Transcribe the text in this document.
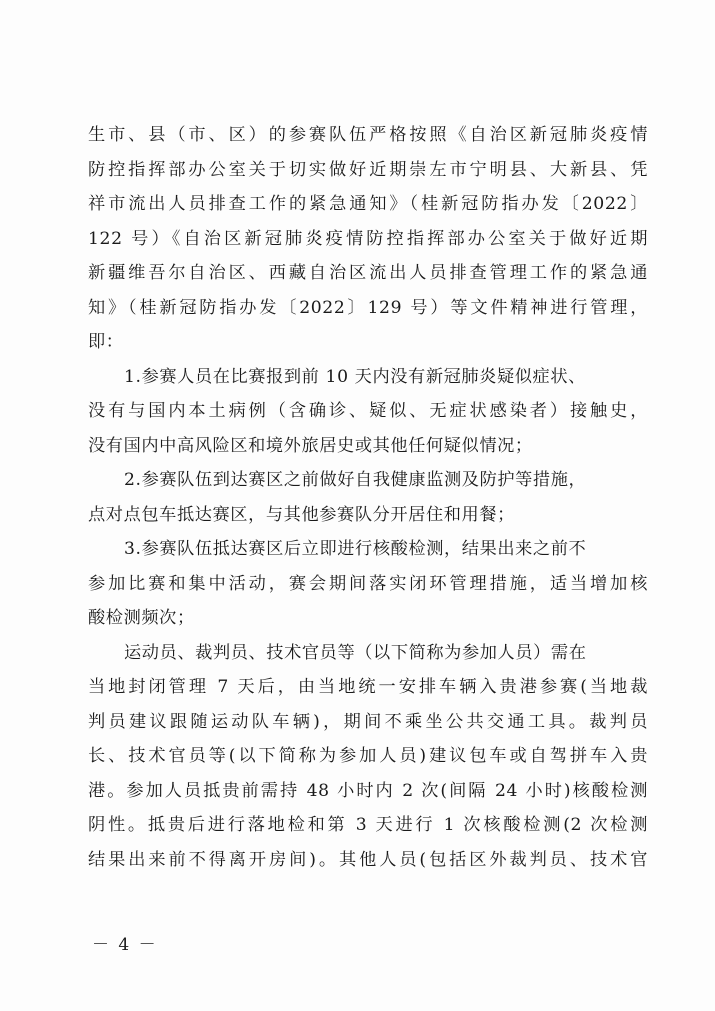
生市、县（市、区）的参赛队伍严格按照《自治区新冠肺炎疫情
防控指挥部办公室关于切实做好近期崇左市宁明县、大新县、凭
祥市流出人员排查工作的紧急通知》（桂新冠防指办发〔2022〕
122 号）《自治区新冠肺炎疫情防控指挥部办公室关于做好近期
新疆维吾尔自治区、西藏自治区流出人员排查管理工作的紧急通
知》（桂新冠防指办发〔2022〕129 号）等文件精神进行管理，
即：
1.参赛人员在比赛报到前 10 天内没有新冠肺炎疑似症状、
没有与国内本土病例（含确诊、疑似、无症状感染者）接触史，
没有国内中高风险区和境外旅居史或其他任何疑似情况；
2.参赛队伍到达赛区之前做好自我健康监测及防护等措施，
点对点包车抵达赛区，与其他参赛队分开居住和用餐；
3.参赛队伍抵达赛区后立即进行核酸检测，结果出来之前不
参加比赛和集中活动，赛会期间落实闭环管理措施，适当增加核
酸检测频次；
运动员、裁判员、技术官员等（以下简称为参加人员）需在
当地封闭管理 7 天后，由当地统一安排车辆入贵港参赛(当地裁
判员建议跟随运动队车辆)，期间不乘坐公共交通工具。裁判员
长、技术官员等(以下简称为参加人员)建议包车或自驾拼车入贵
港。参加人员抵贵前需持 48 小时内 2 次(间隔 24 小时)核酸检测
阴性。抵贵后进行落地检和第 3 天进行 1 次核酸检测(2 次检测
结果出来前不得离开房间)。其他人员(包括区外裁判员、技术官
－ 4 －
